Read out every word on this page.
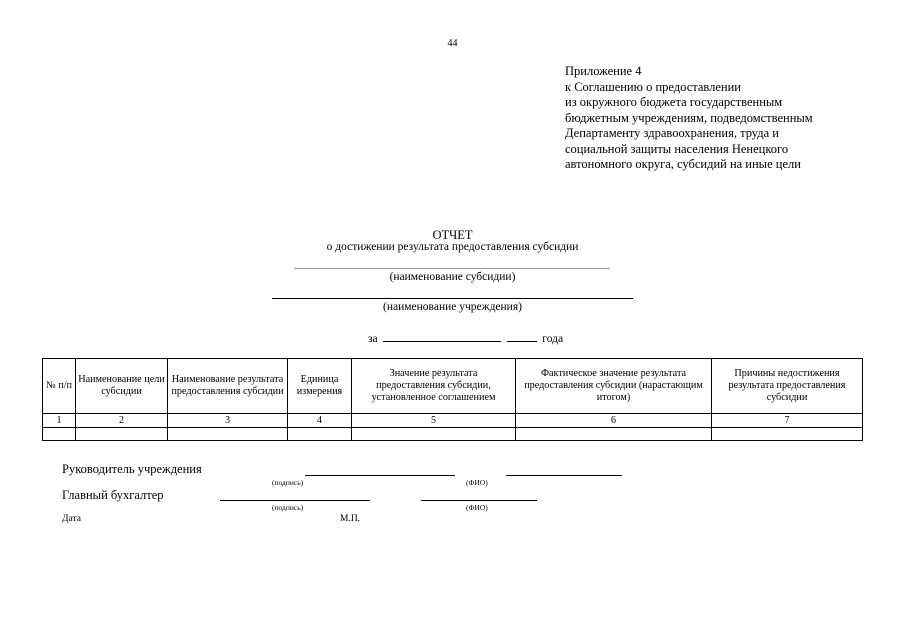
44
Приложение 4
к Соглашению о предоставлении
из окружного бюджета государственным
бюджетным учреждениям, подведомственным
Департаменту здравоохранения, труда и
социальной защиты населения Ненецкого
автономного округа, субсидий на иные цели
ОТЧЕТ
о достижении результата предоставления субсидии
(наименование субсидии)
(наименование учреждения)
за	года
№ п/п	Наименование цели субсидии	Наименование результата предоставления субсидии	Единица измерения	Значение результата предоставления субсидии, установленное соглашением	Фактическое значение результата предоставления субсидии (нарастающим итогом)	Причины недостижения результата предоставления субсидии
1	2	3	4	5	6	7

Руководитель учреждения
(подпись)	(ФИО)
Главный бухгалтер
(подпись)	(ФИО)
Дата	М.П.
